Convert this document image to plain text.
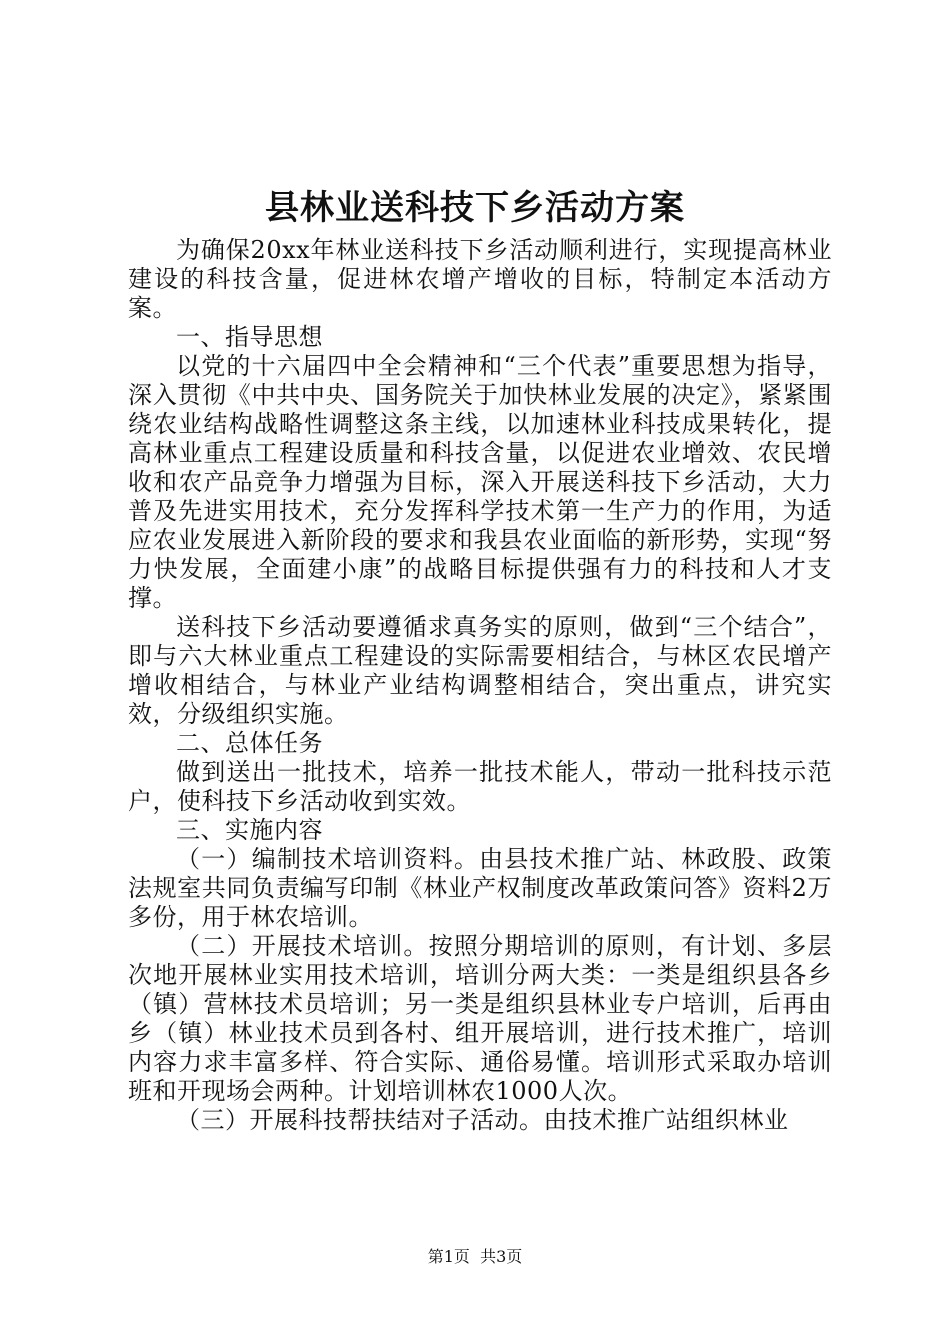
县林业送科技下乡活动方案

为确保20xx年林业送科技下乡活动顺利进行，实现提高林业建设的科技含量，促进林农增产增收的目标，特制定本活动方案。

一、指导思想

以党的十六届四中全会精神和“三个代表”重要思想为指导，深入贯彻《中共中央、国务院关于加快林业发展的决定》，紧紧围绕农业结构战略性调整这条主线，以加速林业科技成果转化，提高林业重点工程建设质量和科技含量，以促进农业增效、农民增收和农产品竞争力增强为目标，深入开展送科技下乡活动，大力普及先进实用技术，充分发挥科学技术第一生产力的作用，为适应农业发展进入新阶段的要求和我县农业面临的新形势，实现“努力快发展，全面建小康”的战略目标提供强有力的科技和人才支撑。

送科技下乡活动要遵循求真务实的原则，做到“三个结合”，即与六大林业重点工程建设的实际需要相结合，与林区农民增产增收相结合，与林业产业结构调整相结合，突出重点，讲究实效，分级组织实施。

二、总体任务

做到送出一批技术，培养一批技术能人，带动一批科技示范户，使科技下乡活动收到实效。

三、实施内容

（一）编制技术培训资料。由县技术推广站、林政股、政策法规室共同负责编写印制《林业产权制度改革政策问答》资料2万多份，用于林农培训。

（二）开展技术培训。按照分期培训的原则，有计划、多层次地开展林业实用技术培训，培训分两大类：一类是组织县各乡（镇）营林技术员培训；另一类是组织县林业专户培训，后再由乡（镇）林业技术员到各村、组开展培训，进行技术推广，培训内容力求丰富多样、符合实际、通俗易懂。培训形式采取办培训班和开现场会两种。计划培训林农1000人次。

（三）开展科技帮扶结对子活动。由技术推广站组织林业

第1页  共3页
